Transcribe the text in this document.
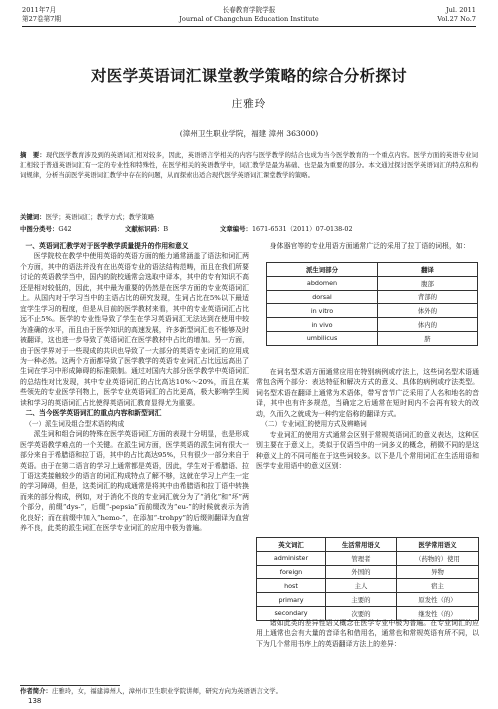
2011年7月
第27卷第7期
长春教育学院学报
Journal of Changchun Education Institute
Jul. 2011
Vol.27 No.7
对医学英语词汇课堂教学策略的综合分析探讨
庄雅玲
(漳州卫生职业学院，福建 漳州 363000)
摘　要：现代医学教育涉及到的英语词汇相对较多，因此，英语语言学相关的内容与医学教学的结合也成为当今医学教育的一个重点内容。医学方面的英语专业词汇相较于普通英语词汇有一定的专业性和特殊性，在医学相关的英语教学中，词汇教学是最为基础、也是最为重要的部分。本文通过探讨医学英语词汇的特点和构词规律，分析当前医学英语词汇教学中存在的问题，从而探索出适合现代医学英语词汇课堂教学的策略。
关键词：医学；英语词汇；教学方式；教学策略
中图分类号： G42	文献标识码： B	文章编号： 1671-6531（2011）07-0138-02
一、英语词汇教学对于医学教学质量提升的作用和意义

医学院校在教学中使用英语的英语方面的能力通常涵盖了语法和词汇两个方面，其中的语法并没有在出英语专业的语法结构范畴，而且在我们所要讨论的英语教学当中，国内的院校通常会选取中译本，其中的专有知识不高还是相对较低的，因此，其中最为重要的仍然是在医学方面的专业英语词汇上。从国内对于学习当中的主语占比的研究发现，生词占比在5%以下最适宜学生学习的程度，但是从目前的医学教材来看，其中的专业英语词汇占比远不止5%。医学的专业性导致了学生在学习英语词汇无法达到在使用中较为准确的水平，而且由于医学知识的高速发展，许多新型词汇也不能够及时被翻译，这也进一步导致了英语词汇在医学教材中占比的增加。另一方面，由于医学界对于一些现成的共识也导致了一大部分的英语专业词汇的应用成为一种必然。这两个方面都导致了医学教学的英语专业词汇占比远远高出了生词在学习中形成障碍的标准限制。通过对国内大部分医学教学中英语词汇的总结性对比发现，其中专业英语词汇的占比高达10%～20%，而且在某些领先的专业医学刊物上，医学专业英语词汇的占比更高，极大影响学生阅读和学习的英语词汇占比使得英语词汇教育显得尤为重要。

二、当今医学英语词汇的重点内容和新型词汇
（一）派生词及组合型术语的构成

派生词和组合词的特殊在医学英语词汇方面的表现十分明显，也是形成医学英语教学难点的一个关键。在派生词方面，医学英语的派生词有很大一部分来自于希腊语和拉丁语，其中的占比高达95%，只有很少一部分来自于英语。由于在第二语言的学习上通常都是英语，因此，学生对于希腊语、拉丁语这类接触较少的语言的词汇构成特点了解不够，这就在学习上产生一定的学习障碍，但是，这类词汇的构成通常是将其中由希腊语和拉丁语中转换而来的部分构成，例如，对于消化不良的专业词汇就分为了“消化”和“坏”两个部分，前缀“dys-”，后缀“-pepsia”而前缀改为“eu-”的时候就表示为消化良好；而在前缀中加入“hemo-”，在添加“-trohpy”的后缀则翻译为血营养不良，此类的派生词汇在医学专业词汇的应用中极为普遍。

身体器官等的专业用语方面通常广泛的采用了拉丁语的词根，如：

派生词部分	翻译
abdomen	腹部
dorsal	背部的
in vitro	体外的
in vivo	体内的
umbilicus	脐

在词名型术语方面通常应用在特别病例或疗法上，这些词名型术语通常包含两个部分：表达特征和解决方式的意义、具体的病例或疗法类型。词名型术语在翻译上通常为术语体，带写音节广泛采用了人名和地名的音译，其中也有许多规范，当确定之后通常在短时间内不会再有较大的改动，久而久之就成为一种约定俗称的翻译方式。

（二）专业词汇的使用方式及辨略词

专业词汇的使用方式通常会区别于常规英语词汇的意义表达，这种区别主要在于意义上，类似于仅语当中的一词多义的概念，稍微不同的是这种意义上的不同可能在于这些词较多。以下是几个常用词汇在生活用语和医学专业用语中的意义区别：

英文词汇	生活常用语义	医学常用语义
administer	管理者	（药物的）使用
foreign	外国的	异物
host	主人	宿主
primary	主要的	原发性（的）
secondary	次要的	继发性（的）

诸如此类的差异性语义概念在医学专业中极为普遍。在专业词汇的应用上通常也会有大量的音译名和借用名，通常也和常规英语有所不同，以下为几个常用书序上的英语翻译方法上的差异：

作者简介：庄雅玲，女，福建漳州人，漳州市卫生职业学院讲师，研究方向为英语语言文学。
138
